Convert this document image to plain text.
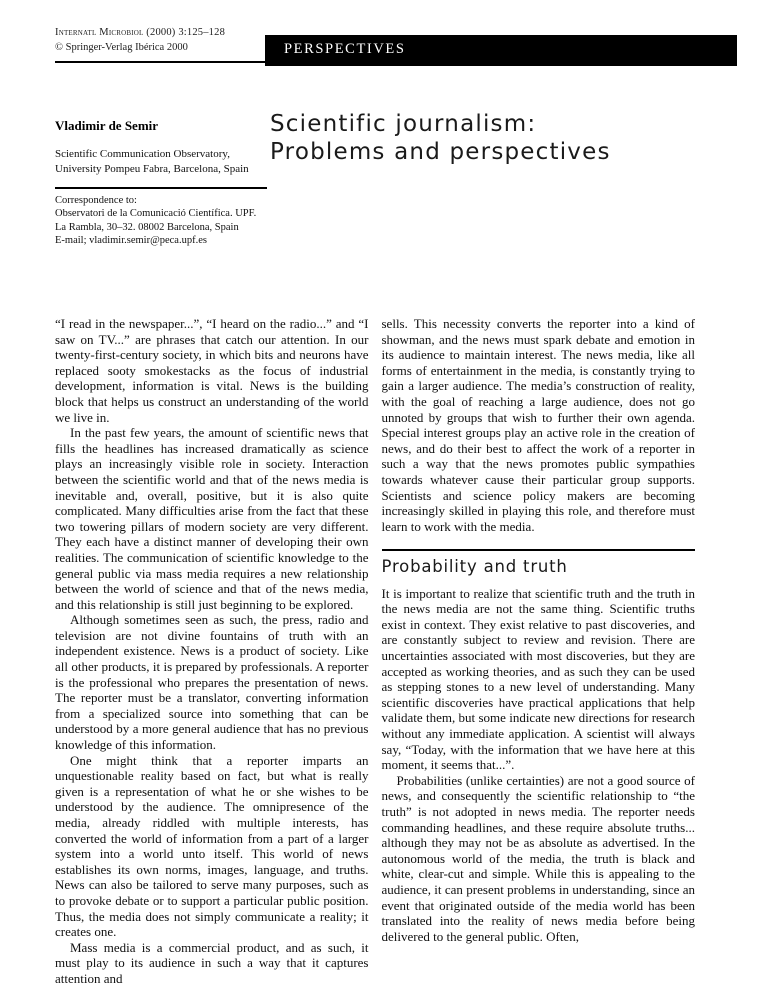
Internatl Microbiol (2000) 3:125–128
© Springer-Verlag Ibérica 2000	PERSPECTIVES
Vladimir de Semir
Scientific Communication Observatory,
University Pompeu Fabra, Barcelona, Spain
Correspondence to:
Observatori de la Comunicació Científica. UPF.
La Rambla, 30–32. 08002 Barcelona, Spain
E-mail; vladimir.semir@peca.upf.es
Scientific journalism:
Problems and perspectives

“I read in the newspaper...”, “I heard on the radio...” and “I saw on TV...” are phrases that catch our attention. In our twenty-first-century society, in which bits and neurons have replaced sooty smokestacks as the focus of industrial development, information is vital. News is the building block that helps us construct an understanding of the world we live in.

In the past few years, the amount of scientific news that fills the headlines has increased dramatically as science plays an increasingly visible role in society. Interaction between the scientific world and that of the news media is inevitable and, overall, positive, but it is also quite complicated. Many difficulties arise from the fact that these two towering pillars of modern society are very different. They each have a distinct manner of developing their own realities. The communication of scientific knowledge to the general public via mass media requires a new relationship between the world of science and that of the news media, and this relationship is still just beginning to be explored.

Although sometimes seen as such, the press, radio and television are not divine fountains of truth with an independent existence. News is a product of society. Like all other products, it is prepared by professionals. A reporter is the professional who prepares the presentation of news. The reporter must be a translator, converting information from a specialized source into something that can be understood by a more general audience that has no previous knowledge of this information.

One might think that a reporter imparts an unquestionable reality based on fact, but what is really given is a representation of what he or she wishes to be understood by the audience. The omnipresence of the media, already riddled with multiple interests, has converted the world of information from a part of a larger system into a world unto itself. This world of news establishes its own norms, images, language, and truths. News can also be tailored to serve many purposes, such as to provoke debate or to support a particular public position. Thus, the media does not simply communicate a reality; it creates one.

Mass media is a commercial product, and as such, it must play to its audience in such a way that it captures attention and

sells. This necessity converts the reporter into a kind of showman, and the news must spark debate and emotion in its audience to maintain interest. The news media, like all forms of entertainment in the media, is constantly trying to gain a larger audience. The media’s construction of reality, with the goal of reaching a large audience, does not go unnoted by groups that wish to further their own agenda. Special interest groups play an active role in the creation of news, and do their best to affect the work of a reporter in such a way that the news promotes public sympathies towards whatever cause their particular group supports. Scientists and science policy makers are becoming increasingly skilled in playing this role, and therefore must learn to work with the media.

Probability and truth

It is important to realize that scientific truth and the truth in the news media are not the same thing. Scientific truths exist in context. They exist relative to past discoveries, and are constantly subject to review and revision. There are uncertainties associated with most discoveries, but they are accepted as working theories, and as such they can be used as stepping stones to a new level of understanding. Many scientific discoveries have practical applications that help validate them, but some indicate new directions for research without any immediate application. A scientist will always say, “Today, with the information that we have here at this moment, it seems that...”.

Probabilities (unlike certainties) are not a good source of news, and consequently the scientific relationship to “the truth” is not adopted in news media. The reporter needs commanding headlines, and these require absolute truths... although they may not be as absolute as advertised. In the autonomous world of the media, the truth is black and white, clear-cut and simple. While this is appealing to the audience, it can present problems in understanding, since an event that originated outside of the media world has been translated into the reality of news media before being delivered to the general public. Often,
